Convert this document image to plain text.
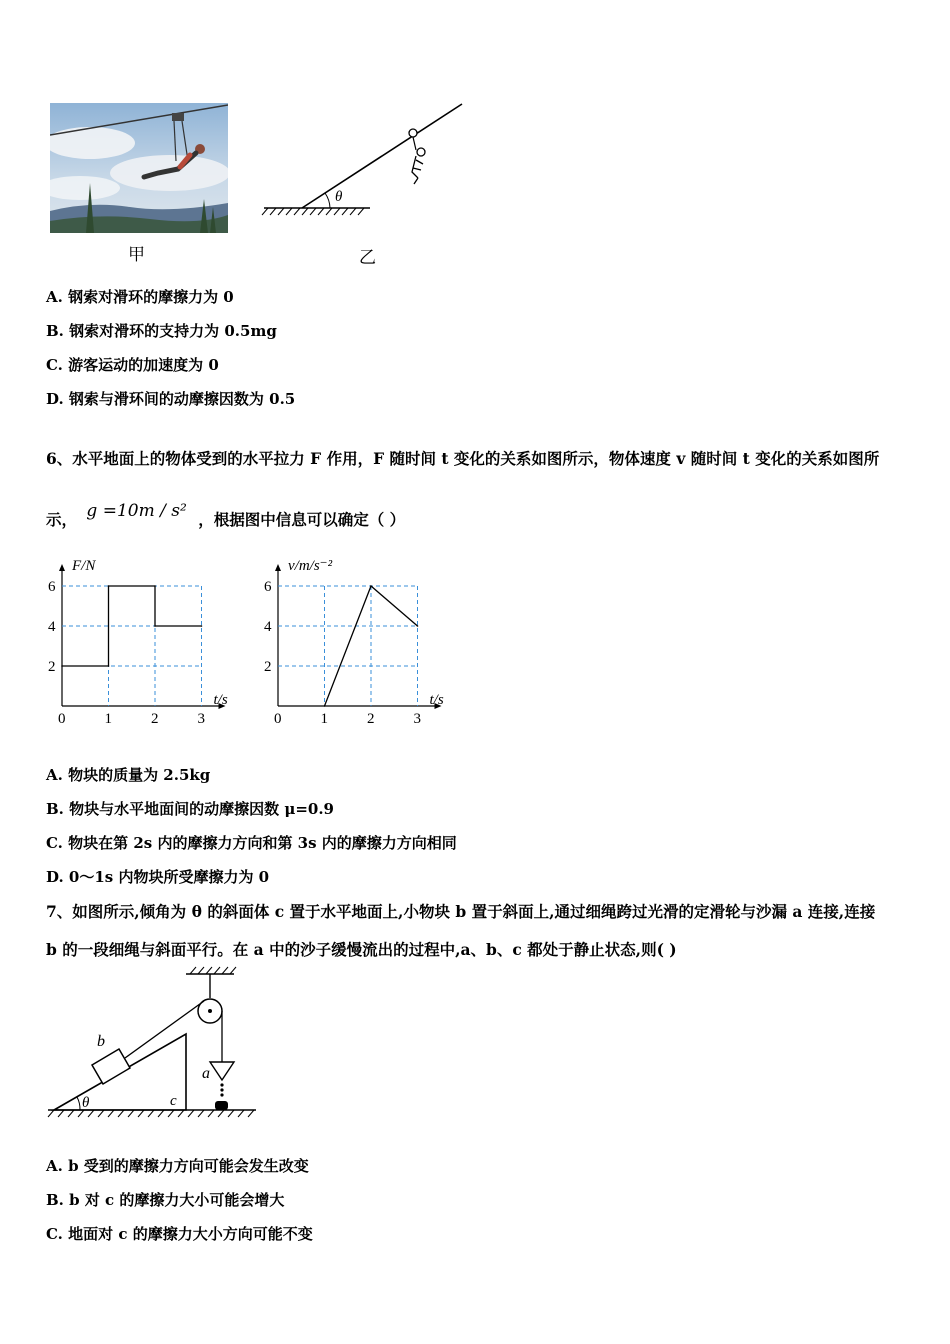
甲
θ
乙
A. 钢索对滑环的摩擦力为 0
B. 钢索对滑环的支持力为 0.5mg
C. 游客运动的加速度为 0
D. 钢索与滑环间的动摩擦因数为 0.5
6、水平地面上的物体受到的水平拉力 F 作用，F 随时间 t 变化的关系如图所示，物体速度 v 随时间 t 变化的关系如图所
示， g =10m / s² ，根据图中信息可以确定（ ）
0	1	2	3
2
4
6
F/N
t/s
0	1	2	3
2
4
6
v/m/s⁻²
t/s
A. 物块的质量为 2.5kg
B. 物块与水平地面间的动摩擦因数 μ=0.9
C. 物块在第 2s 内的摩擦力方向和第 3s 内的摩擦力方向相同
D. 0～1s 内物块所受摩擦力为 0
7、如图所示,倾角为 θ 的斜面体 c 置于水平地面上,小物块 b 置于斜面上,通过细绳跨过光滑的定滑轮与沙漏 a 连接,连接
b 的一段细绳与斜面平行。在 a 中的沙子缓慢流出的过程中,a、b、c 都处于静止状态,则( )
θ	c
b
a
A. b 受到的摩擦力方向可能会发生改变
B. b 对 c 的摩擦力大小可能会增大
C. 地面对 c 的摩擦力大小方向可能不变
